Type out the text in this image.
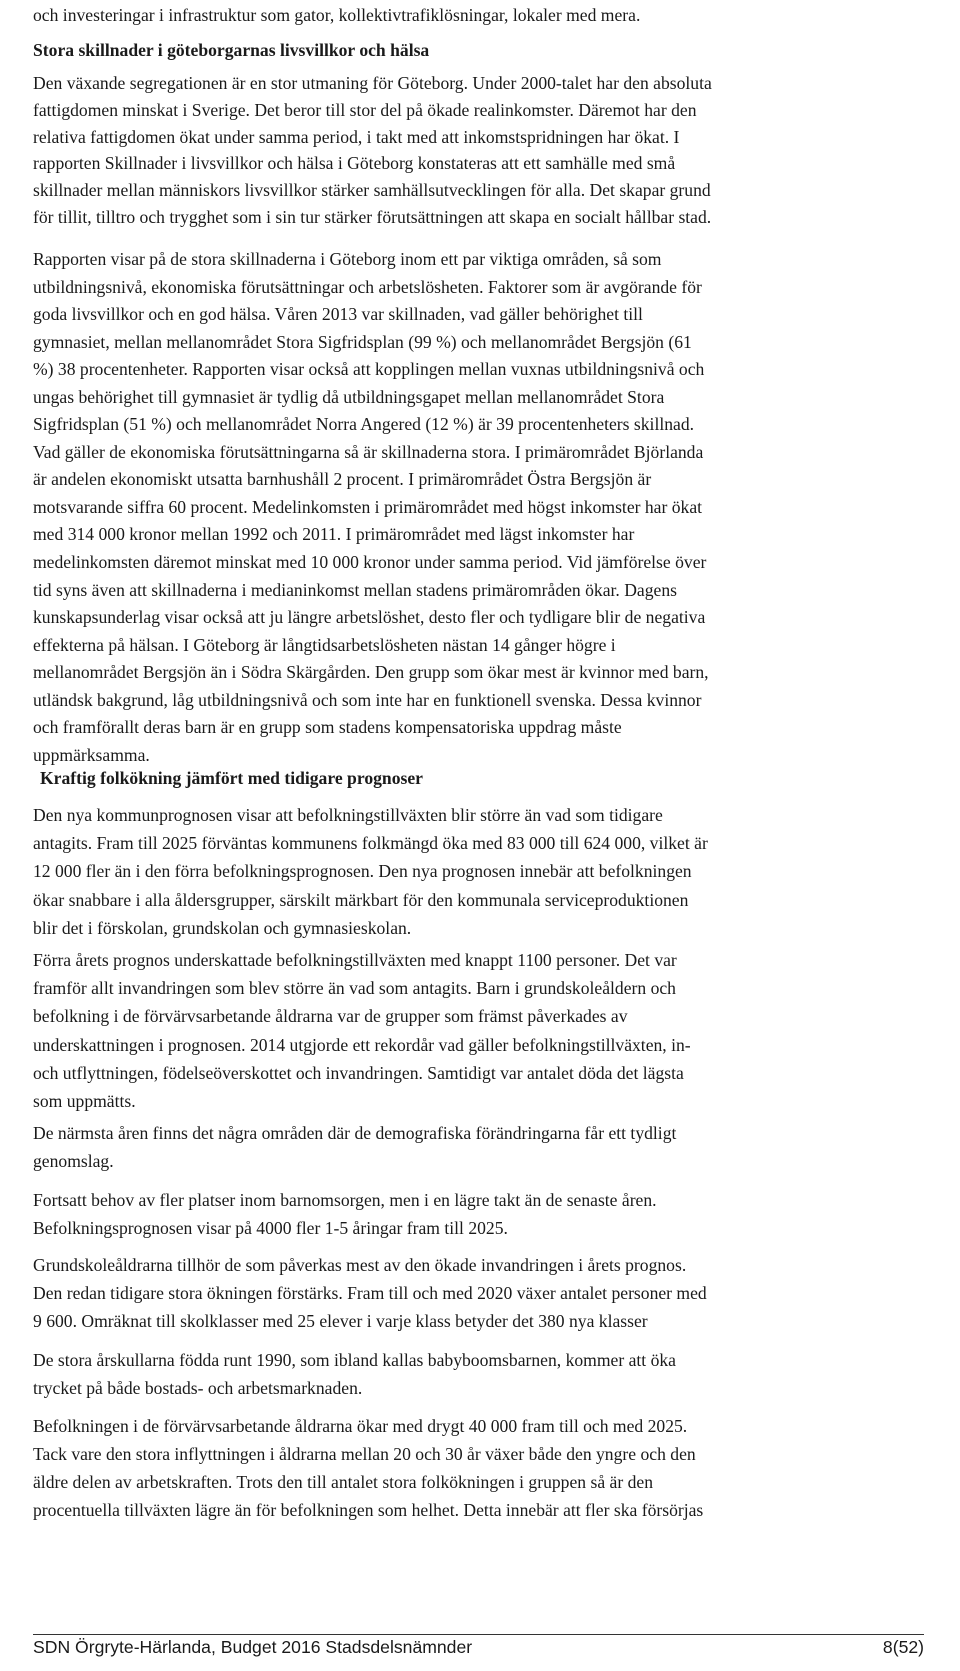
och investeringar i infrastruktur som gator, kollektivtrafiklösningar, lokaler med mera.
Stora skillnader i göteborgarnas livsvillkor och hälsa
Den växande segregationen är en stor utmaning för Göteborg. Under 2000-talet har den absoluta
fattigdomen minskat i Sverige. Det beror till stor del på ökade realinkomster. Däremot har den
relativa fattigdomen ökat under samma period, i takt med att inkomstspridningen har ökat. I
rapporten Skillnader i livsvillkor och hälsa i Göteborg konstateras att ett samhälle med små
skillnader mellan människors livsvillkor stärker samhällsutvecklingen för alla. Det skapar grund
för tillit, tilltro och trygghet som i sin tur stärker förutsättningen att skapa en socialt hållbar stad.
Rapporten visar på de stora skillnaderna i Göteborg inom ett par viktiga områden, så som
utbildningsnivå, ekonomiska förutsättningar och arbetslösheten. Faktorer som är avgörande för
goda livsvillkor och en god hälsa. Våren 2013 var skillnaden, vad gäller behörighet till
gymnasiet, mellan mellanområdet Stora Sigfridsplan (99 %) och mellanområdet Bergsjön (61
%) 38 procentenheter. Rapporten visar också att kopplingen mellan vuxnas utbildningsnivå och
ungas behörighet till gymnasiet är tydlig då utbildningsgapet mellan mellanområdet Stora
Sigfridsplan (51 %) och mellanområdet Norra Angered (12 %) är 39 procentenheters skillnad.
Vad gäller de ekonomiska förutsättningarna så är skillnaderna stora. I primärområdet Björlanda
är andelen ekonomiskt utsatta barnhushåll 2 procent. I primärområdet Östra Bergsjön är
motsvarande siffra 60 procent. Medelinkomsten i primärområdet med högst inkomster har ökat
med 314 000 kronor mellan 1992 och 2011. I primärområdet med lägst inkomster har
medelinkomsten däremot minskat med 10 000 kronor under samma period. Vid jämförelse över
tid syns även att skillnaderna i medianinkomst mellan stadens primärområden ökar. Dagens
kunskapsunderlag visar också att ju längre arbetslöshet, desto fler och tydligare blir de negativa
effekterna på hälsan. I Göteborg är långtidsarbetslösheten nästan 14 gånger högre i
mellanområdet Bergsjön än i Södra Skärgården. Den grupp som ökar mest är kvinnor med barn,
utländsk bakgrund, låg utbildningsnivå och som inte har en funktionell svenska. Dessa kvinnor
och framförallt deras barn är en grupp som stadens kompensatoriska uppdrag måste
uppmärksamma.
Kraftig folkökning jämfört med tidigare prognoser
Den nya kommunprognosen visar att befolkningstillväxten blir större än vad som tidigare
antagits. Fram till 2025 förväntas kommunens folkmängd öka med 83 000 till 624 000, vilket är
12 000 fler än i den förra befolkningsprognosen. Den nya prognosen innebär att befolkningen
ökar snabbare i alla åldersgrupper, särskilt märkbart för den kommunala serviceproduktionen
blir det i förskolan, grundskolan och gymnasieskolan.
Förra årets prognos underskattade befolkningstillväxten med knappt 1100 personer. Det var
framför allt invandringen som blev större än vad som antagits. Barn i grundskoleåldern och
befolkning i de förvärvsarbetande åldrarna var de grupper som främst påverkades av
underskattningen i prognosen. 2014 utgjorde ett rekordår vad gäller befolkningstillväxten, in-
och utflyttningen, födelseöverskottet och invandringen. Samtidigt var antalet döda det lägsta
som uppmätts.
De närmsta åren finns det några områden där de demografiska förändringarna får ett tydligt
genomslag.
Fortsatt behov av fler platser inom barnomsorgen, men i en lägre takt än de senaste åren.
Befolkningsprognosen visar på 4000 fler 1-5 åringar fram till 2025.
Grundskoleåldrarna tillhör de som påverkas mest av den ökade invandringen i årets prognos.
Den redan tidigare stora ökningen förstärks. Fram till och med 2020 växer antalet personer med
9 600. Omräknat till skolklasser med 25 elever i varje klass betyder det 380 nya klasser
De stora årskullarna födda runt 1990, som ibland kallas babyboomsbarnen, kommer att öka
trycket på både bostads- och arbetsmarknaden.
Befolkningen i de förvärvsarbetande åldrarna ökar med drygt 40 000 fram till och med 2025.
Tack vare den stora inflyttningen i åldrarna mellan 20 och 30 år växer både den yngre och den
äldre delen av arbetskraften. Trots den till antalet stora folkökningen i gruppen så är den
procentuella tillväxten lägre än för befolkningen som helhet. Detta innebär att fler ska försörjas
SDN Örgryte-Härlanda, Budget 2016 Stadsdelsnämnder	8(52)
